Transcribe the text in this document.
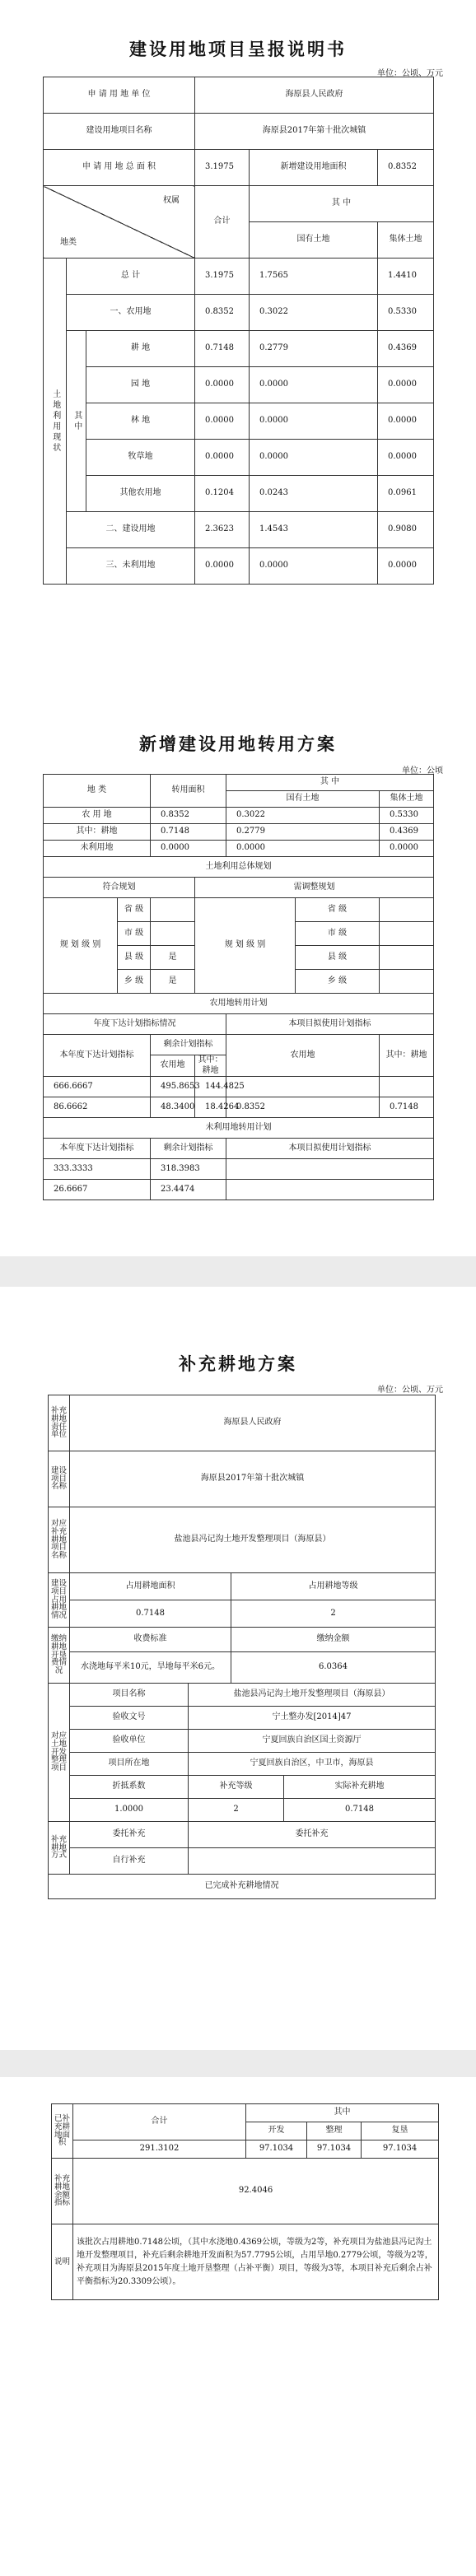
建设用地项目呈报说明书
单位：公顷、万元
申 请 用 地 单 位			海原县人民政府		
建设用地项目名称			海原县2017年第十批次城镇		
申 请 用 地 总 面 积			3.1975	新增建设用地面积	0.8352

权属
地类			合计	其 中	
				国有土地	集体土地
土地利用现状	总 计		3.1975	1.7565	1.4410
	一、农用地		0.8352	0.3022	0.5330
	其中	耕 地	0.7148	0.2779	0.4369
		园 地	0.0000	0.0000	0.0000
		林 地	0.0000	0.0000	0.0000
		牧草地	0.0000	0.0000	0.0000
		其他农用地	0.1204	0.0243	0.0961
	二、建设用地		2.3623	1.4543	0.9080
	三、未利用地		0.0000	0.0000	0.0000
新增建设用地转用方案
单位：公顷
地 类		转用面积		其 中		
				国有土地		集体土地
农 用 地		0.8352		0.3022		0.5330
其中：耕地		0.7148		0.2779		0.4369
未利用地		0.0000		0.0000		0.0000
土地利用总体规划						
符合规划			需调整规划			
规 划 级 别	省 级		规 划 级 别		省 级	
	市 级				市 级	
	县 级	是			县 级	
	乡 级	是			乡 级	
农用地转用计划						
年度下达计划指标情况				本项目拟使用计划指标		
本年度下达计划指标		剩余计划指标		农用地		其中：耕地
		农用地	其中：耕地			
666.6667		495.8653	144.4825			
86.6662		48.3400	18.4264	0.8352		0.7148
未利用地转用计划						
本年度下达计划指标		剩余计划指标		本项目拟使用计划指标		
333.3333		318.3983				
26.6667		23.4474				
补充耕地方案
单位：公顷、万元
补充耕地责任单位	海原县人民政府			
建设项目名称	海原县2017年第十批次城镇			
对应补充耕地项目名称	盐池县冯记沟土地开发整理项目（海原县）			
建设项目占用耕地情况	占用耕地面积		占用耕地等级	
	0.7148		2	
缴纳耕地开垦费情况	收费标准		缴纳金额	
	水浇地每平米10元，旱地每平米6元。		6.0364	
对应土地开发整理项目	项目名称	盐池县冯记沟土地开发整理项目（海原县）		
	验收文号	宁土整办发[2014]47		
	验收单位	宁夏回族自治区国土资源厅		
	项目所在地	宁夏回族自治区，中卫市，海原县		
	折抵系数	补充等级		实际补充耕地
	1.0000	2		0.7148
补充耕地方式	委托补充	委托补充		
	自行补充			
已完成补充耕地情况				
已补充耕地面积	合计	其中		
		开发	整理	复垦
	291.3102	97.1034	97.1034	97.1034
补充耕地余额指标	92.4046			
说明	该批次占用耕地0.7148公顷，（其中水浇地0.4369公顷，等级为2等，补充项目为盐池县冯记沟土地开发整理项目，补充后剩余耕地开发面积为57.7795公顷，占用旱地0.2779公顷，等级为2等，补充项目为海原县2015年度土地开垦整理（占补平衡）项目，等级为3等，本项目补充后剩余占补平衡指标为20.3309公顷）。			
